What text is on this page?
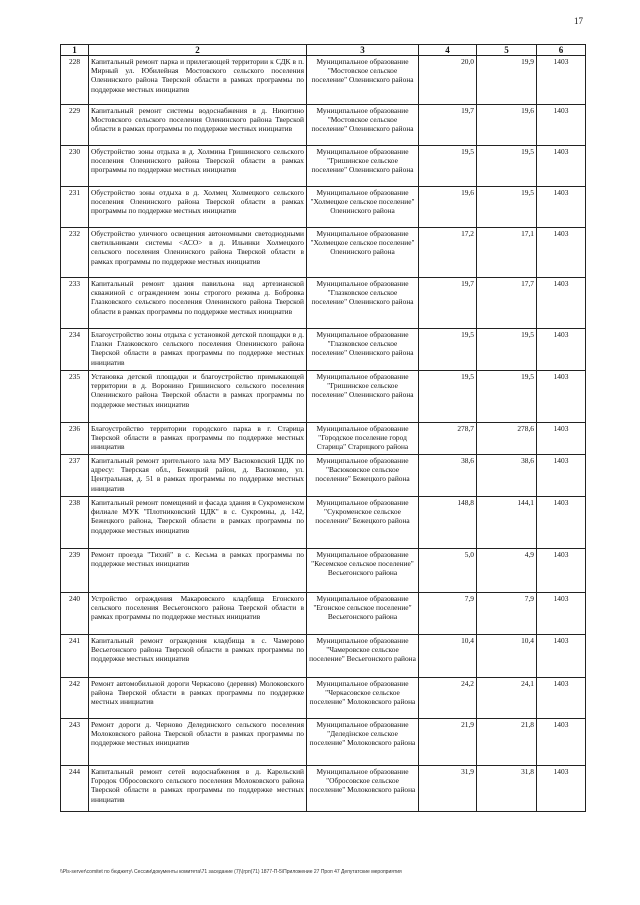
17
1	2	3	4	5	6
228	Капитальный ремонт парка и прилегающей территории к СДК в п. Мирный ул. Юбилейная Мостовского сельского поселения Оленинского района Тверской области в рамках программы по поддержке местных инициатив	Муниципальное образование "Мостовское сельское поселение" Оленинского района	20,0	19,9	1403
229	Капитальный ремонт системы водоснабжения в д. Никитино Мостовского сельского поселения Оленинского района Тверской области в рамках программы по поддержке местных инициатив	Муниципальное образование "Мостовское сельское поселение" Оленинского района	19,7	19,6	1403
230	Обустройство зоны отдыха в д. Холмина Гришинского сельского поселения Оленинского района Тверской области в рамках программы по поддержке местных инициатив	Муниципальное образование "Гришинское сельское поселение" Оленинского района	19,5	19,5	1403
231	Обустройство зоны отдыха в д. Холмец Холмецкого сельского поселения Оленинского района Тверской области в рамках программы по поддержке местных инициатив	Муниципальное образование "Холмецкое сельское поселение" Оленинского района	19,6	19,5	1403
232	Обустройство уличного освещения автономными светодиодными светильниками системы <АСО> в д. Ильинки Холмецкого сельского поселения Оленинского района Тверской области в рамках программы по поддержке местных инициатив	Муниципальное образование "Холмецкое сельское поселение" Оленинского района	17,2	17,1	1403
233	Капитальный ремонт здания павильона над артезианской скважиной с ограждением зоны строгого режима д. Бобровка Глазковского сельского поселения Оленинского района Тверской области в рамках программы по поддержке местных инициатив	Муниципальное образование "Глазковское сельское поселение" Оленинского района	19,7	17,7	1403
234	Благоустройство зоны отдыха с установкой детской площадки в д. Глазки Глазковского сельского поселения Оленинского района Тверской области в рамках программы по поддержке местных инициатив	Муниципальное образование "Глазковское сельское поселение" Оленинского района	19,5	19,5	1403
235	Установка детской площадки и благоустройство примыкающей территории в д. Воронино Гришинского сельского поселения Оленинского района Тверской области в рамках программы по поддержке местных инициатив	Муниципальное образование "Гришинское сельское поселение" Оленинского района	19,5	19,5	1403
236	Благоустройство территории городского парка в г. Старица Тверской области в рамках программы по поддержке местных инициатив	Муниципальное образование "Городское поселение город Старица" Старицкого района	278,7	278,6	1403
237	Капитальный ремонт зрительного зала МУ Васюковский ЦДК по адресу: Тверская обл., Бежецкий район, д. Васюково, ул. Центральная, д. 51 в рамках программы по поддержке местных инициатив	Муниципальное образование "Васюковское сельское поселение" Бежецкого района	38,6	38,6	1403
238	Капитальный ремонт помещений и фасада здания в Сукроменском филиале МУК "Плотниковский ЦДК" в с. Сукромны, д. 142, Бежецкого района, Тверской области в рамках программы по поддержке местных инициатив	Муниципальное образование "Сукроменское сельское поселение" Бежецкого района	148,8	144,1	1403
239	Ремонт проезда "Тихий" в с. Кесьма в рамках программы по поддержке местных инициатив	Муниципальное образование "Кесемское сельское поселение" Весьегонского района	5,0	4,9	1403
240	Устройство ограждения Макаровского кладбища Егонского сельского поселения Весьегонского района Тверской области в рамках программы по поддержке местных инициатив	Муниципальное образование "Егонское сельское поселение" Весьегонского района	7,9	7,9	1403
241	Капитальный ремонт ограждения кладбища в с. Чамерово Весьегонского района Тверской области в рамках программы по поддержке местных инициатив	Муниципальное образование "Чамеровское сельское поселение" Весьегонского района	10,4	10,4	1403
242	Ремонт автомобильной дороги Черкасово (деревня) Молоковского района Тверской области в рамках программы по поддержке местных инициатив	Муниципальное образование "Черкасовское сельское поселение" Молоковского района	24,2	24,1	1403
243	Ремонт дороги д. Черново Делединского сельского поселения Молоковского района Тверской области в рамках программы по поддержке местных инициатив	Муниципальное образование "Деледінское сельское поселение" Молоковского района	21,9	21,8	1403
244	Капитальный ремонт сетей водоснабжения в д. Карельский Городок Обросовского сельского поселения Молоковского района Тверской области в рамках программы по поддержке местных инициатив	Муниципальное образование "Обросовское сельское поселение" Молоковского района	31,9	31,8	1403
\\Pls-server\comitet по бюджету\ Сессии\документы комитета\71 заседание (7)\(грп(71) 1877-П-5\Приложение 27 Проп 47 Депутатские мероприятия
